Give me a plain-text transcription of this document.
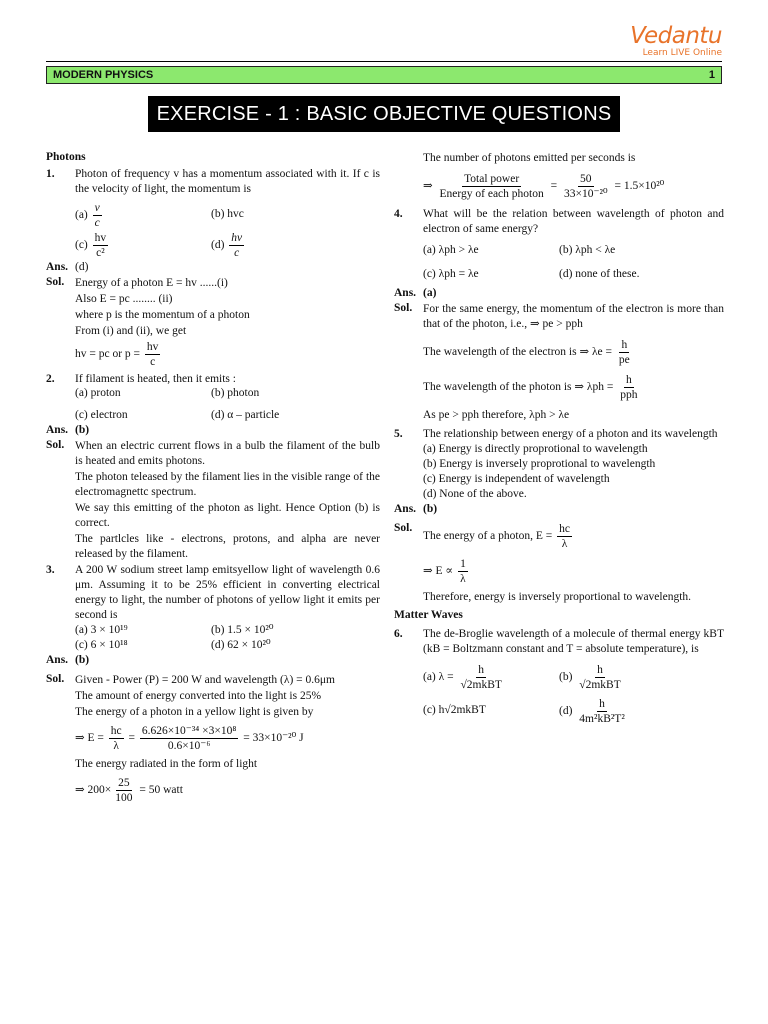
Vedantu
Learn LIVE Online
MODERN PHYSICS	1
EXERCISE - 1 : BASIC OBJECTIVE QUESTIONS
Photons
1.	Photon of frequency v has a momentum associated with it. If c is the velocity of light, the momentum is
$(a) \frac{v}{c}$	(b) hvc
$(c) \frac{hv}{\text{c²}}$	$(d) \frac{hv}{c}$
Ans. (d)
Sol. Energy of a photon E = hv ......(i)
Also E = pc ........ (ii)
where p is the momentum of a photon
From (i) and (ii), we get
hv = pc or $p = \frac{hv}{c}$
2.	If filament is heated, then it emits :
(a) proton	(b) photon
(c) electron	(d) α – particle
Ans. (b)
Sol. When an electric current flows in a bulb the filament of the bulb is heated and emits photons.
The photon teleased by the filament lies in the visible range of the electromagnettc spectrum.
We say this emitting of the photon as light. Hence Option (b) is correct.
The partlcles like - electrons, protons, and alpha are never released by the filament.
3.	A 200 W sodium street lamp emitsyellow light of wavelength 0.6 μm. Assuming it to be 25% efficient in converting electrical energy to light, the number of photons of yellow light it emits per second is
(a) 3 × 10¹⁹	(b) 1.5 × 10²⁰
(c) 6 × 10¹⁸	(d) 62 × 10²⁰
Ans. (b)
Sol. Given - Power (P) = 200 W and wavelength (λ) = 0.6μm
The amount of energy converted into the light is 25%
The energy of a photon in a yellow light is given by
⇒ $E = \frac{hc}{\lambda} = \frac{\text{6.626×10⁻³⁴ ×3×10⁸}}{\text{0.6×10⁻⁶}} = 33\times 10^{-20}$ J
The energy radiated in the form of light
⇒ $200\times \frac{25}{100} = 50$ watt
The number of photons emitted per seconds is
⇒ $\frac{\text{Total power}}{\text{Energy of each photon}} = \frac{50}{\text{33×10⁻²⁰}} = 1.5\times 10^{20}$
4.	What will be the relation between wavelength of photon and electron of same energy?
(a) λph > λe	(b) λph < λe
(c) λph = λe	(d) none of these.
Ans. (a)
Sol. For the same energy, the momentum of the electron is more than that of the photon, i.e., ⇒ pe > pph
The wavelength of the electron is ⇒ $\lambda e = \frac{h}{pe}$
The wavelength of the photon is ⇒ $\lambda ph = \frac{h}{\text{pph}}$
As pe > pph therefore, λph > λe
5.	The relationship between energy of a photon and its wavelength
(a) Energy is directly proprotional to wavelength
(b) Energy is inversely proprotional to wavelength
(c) Energy is independent of wavelength
(d) None of the above.
Ans. (b)
Sol.
The energy of a photon, $E = \frac{hc}{\lambda}$
⇒ $E \propto \frac{1}{\lambda}$
Therefore, energy is inversely proportional to wavelength.
Matter Waves
6.	The de-Broglie wavelength of a molecule of thermal energy kBT (kB = Boltzmann constant and T = absolute temperature), is
(a) $\lambda = \frac{h}{\text{√2mkBT}}$	$(b) \frac{h}{\text{√2mkBT}}$
(c) h√2mkBT	$(d) \frac{h}{\text{4m²kB²T²}}$
